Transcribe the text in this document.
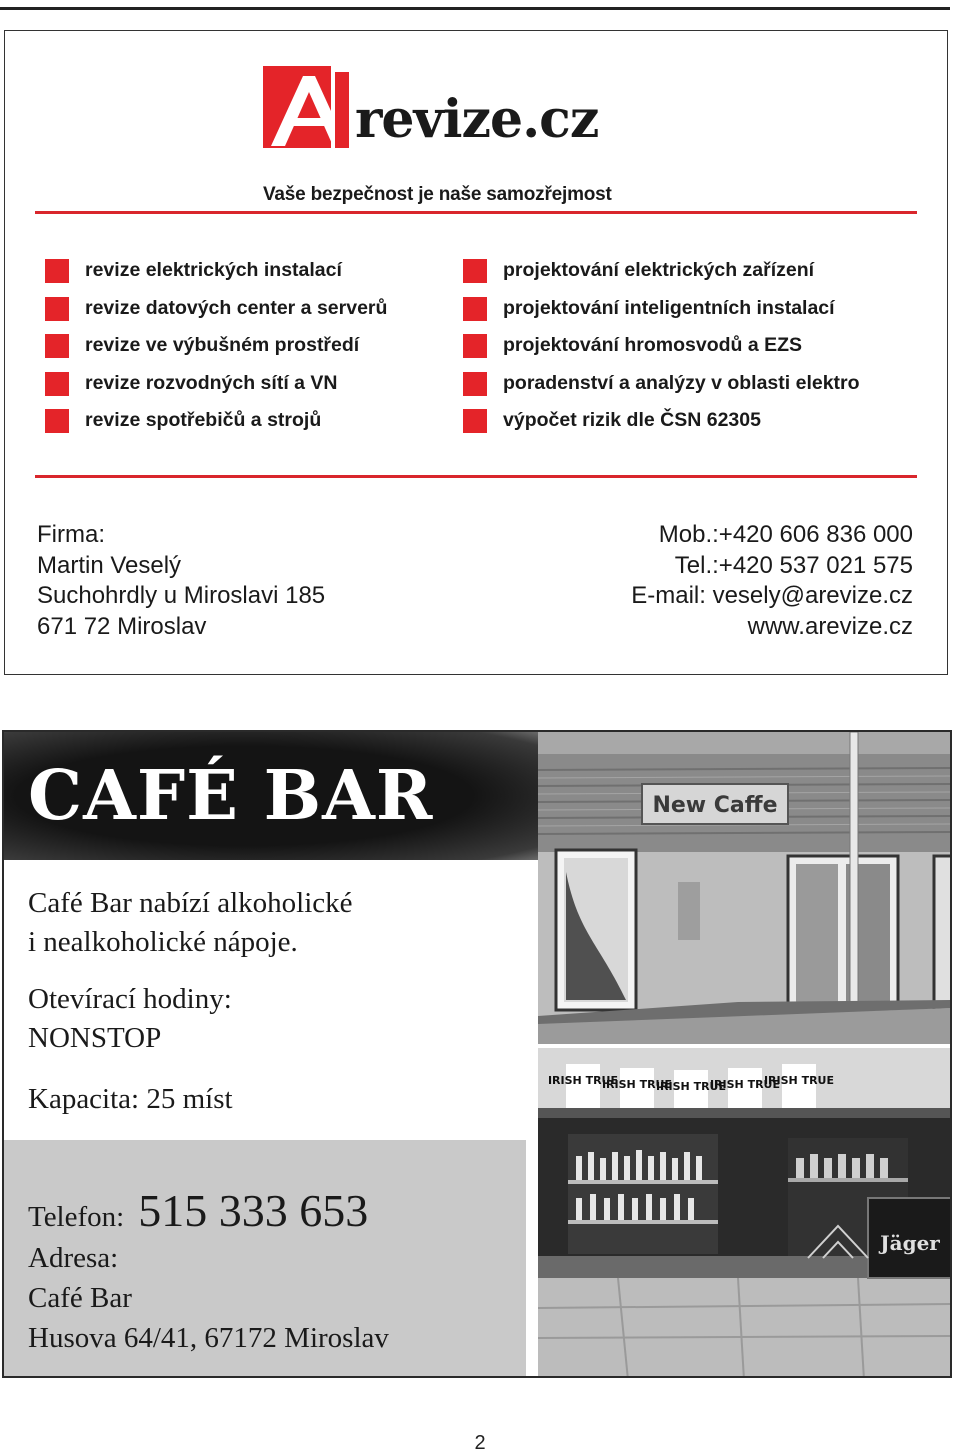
revize.cz
Vaše bezpečnost je naše samozřejmost
revize elektrických instalací
revize datových center a serverů
revize ve výbušném prostředí
revize rozvodných sítí a VN
revize spotřebičů a strojů
projektování elektrických zařízení
projektování inteligentních instalací
projektování hromosvodů a EZS
poradenství a analýzy v oblasti elektro
výpočet rizik dle ČSN 62305
Firma:
Martin Veselý
Suchohrdly u Miroslavi 185
671 72 Miroslav
Mob.:+420 606 836 000
Tel.:+420 537 021 575
E-mail: vesely@arevize.cz
www.arevize.cz
CAFÉ BAR
Café Bar nabízí alkoholické
i nealkoholické nápoje.
Otevírací hodiny:
NONSTOP
Kapacita: 25 míst
Telefon: 515 333 653
Adresa:
Café Bar
Husova 64/41, 67172 Miroslav
New Caffe
IRISH TRUE
IRISH TRUE
IRISH TRUE
IRISH TRUE
IRISH TRUE
Jäger
2
